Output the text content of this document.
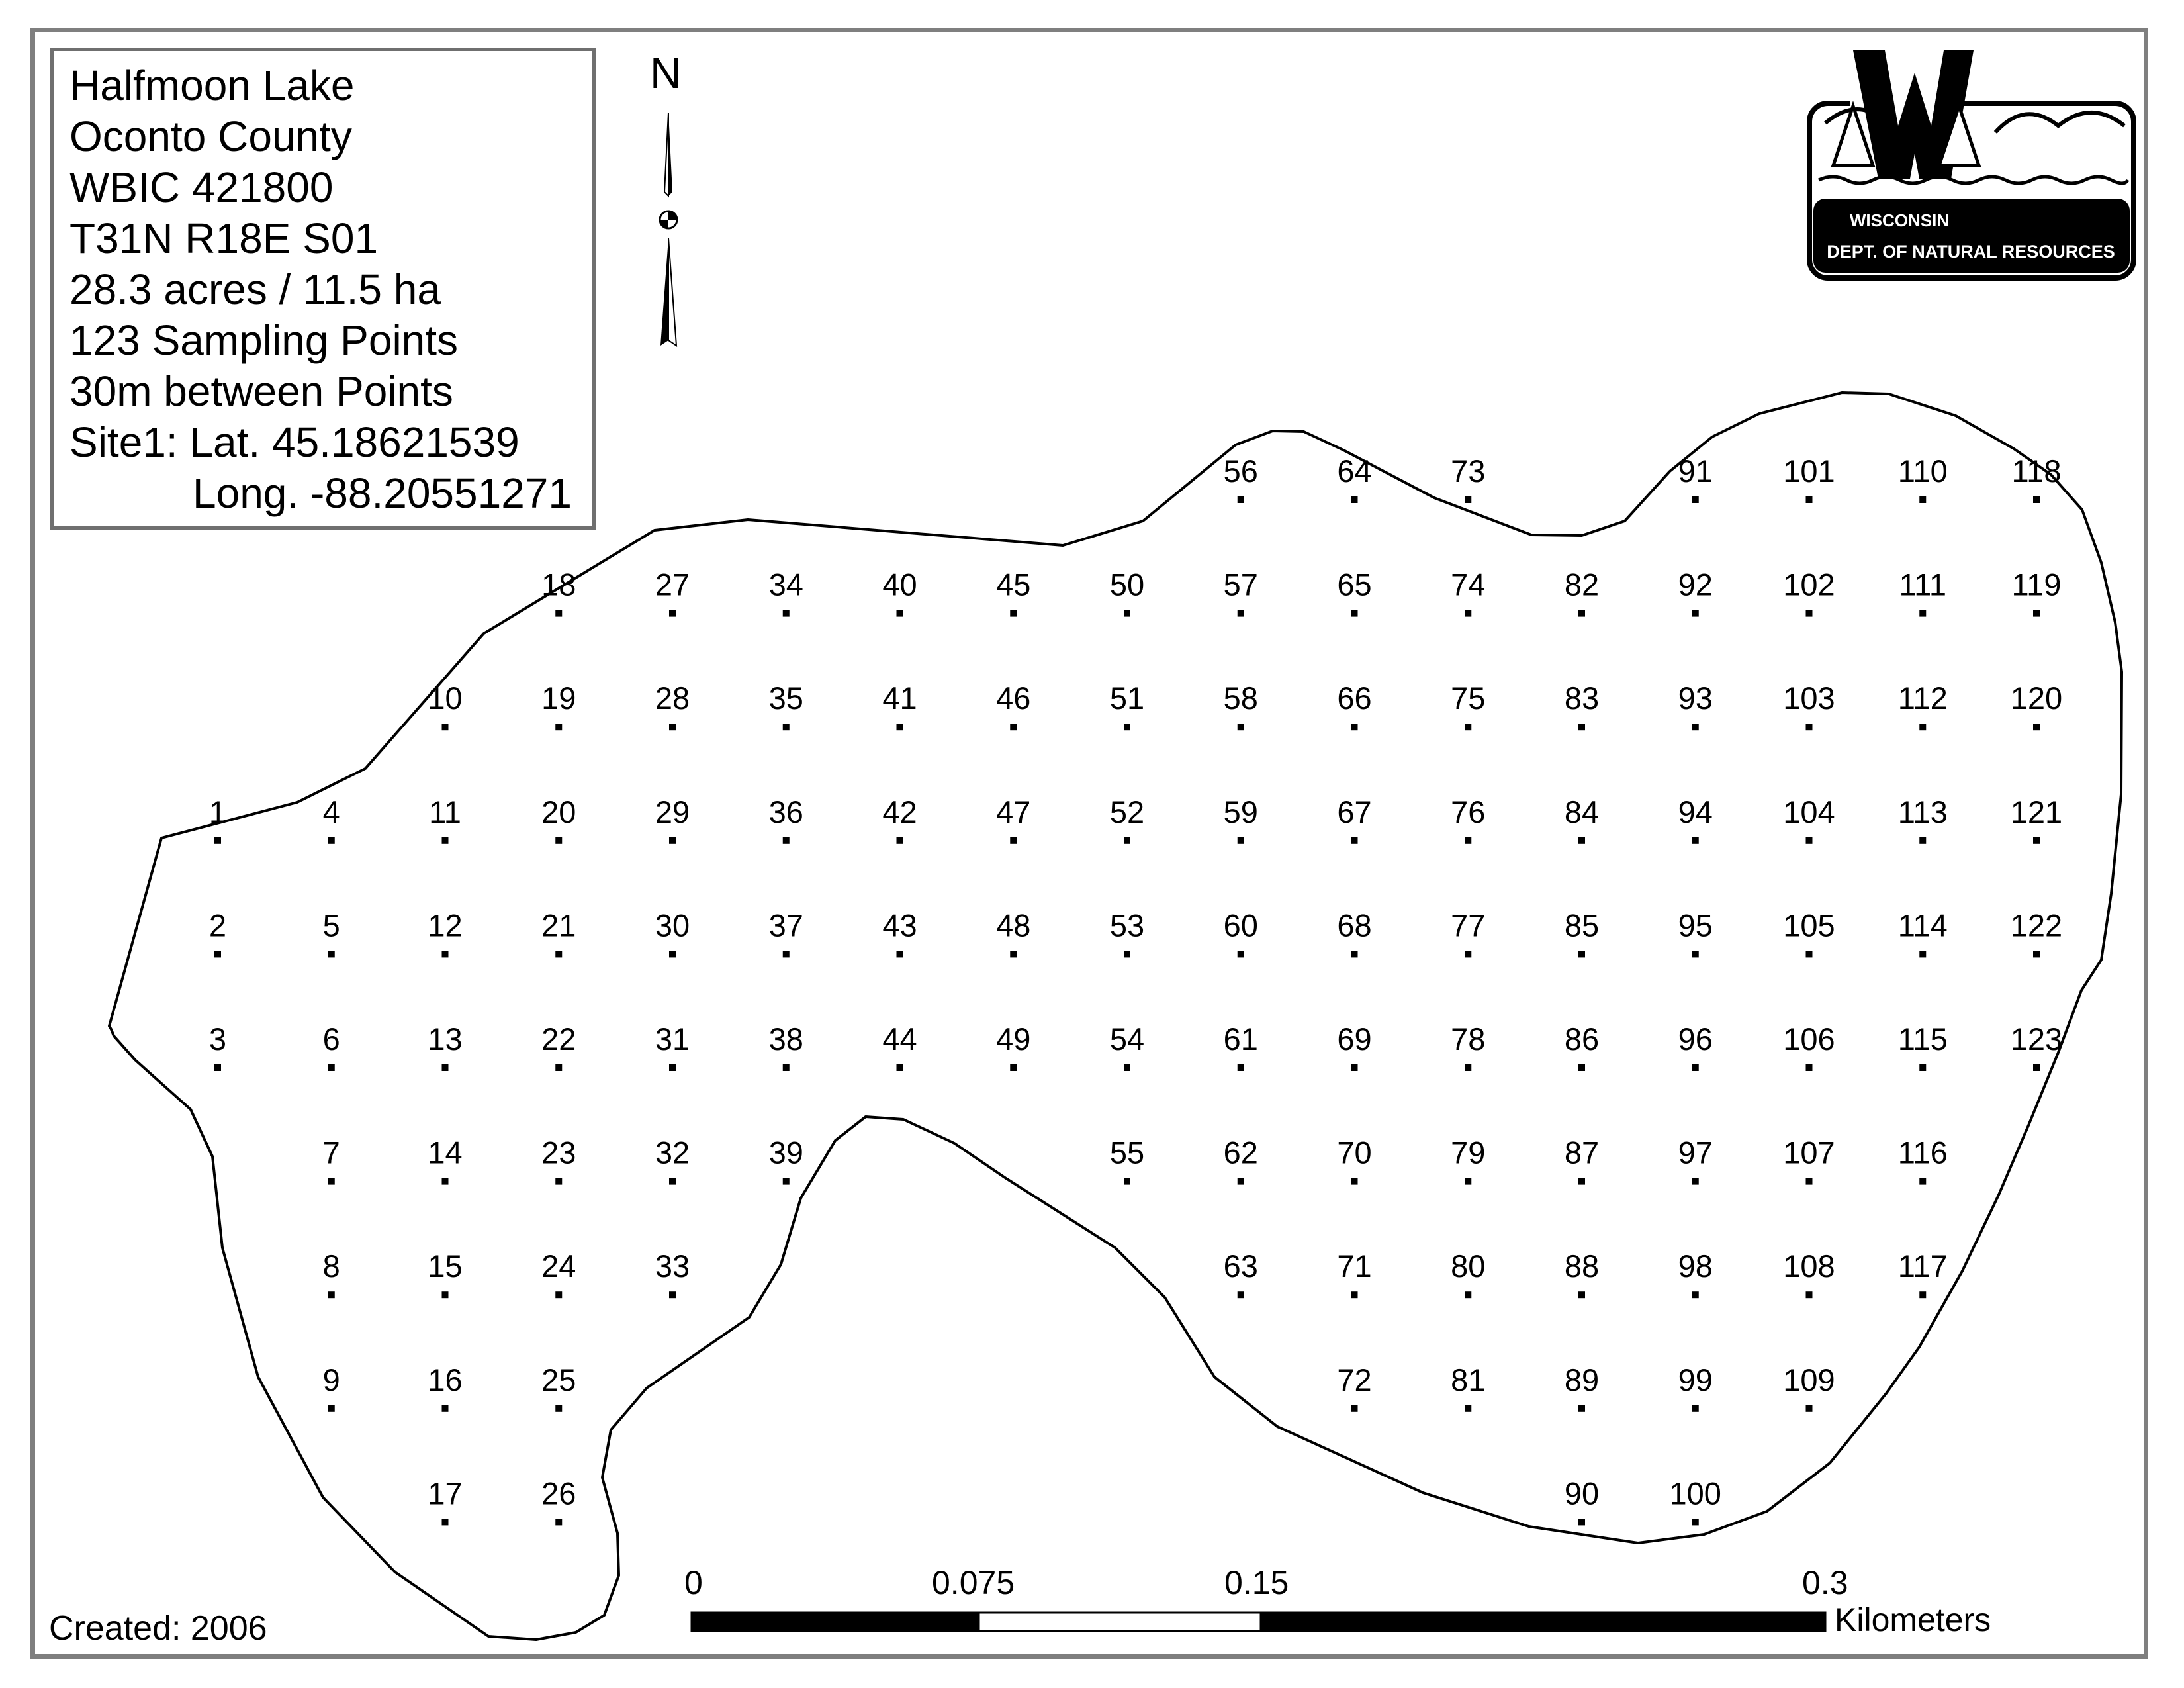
1
2
3
4
5
6
7
8
9
10
11
12
13
14
15
16
17
18
19
20
21
22
23
24
25
26
27
28
29
30
31
32
33
34
35
36
37
38
39
40
41
42
43
44
45
46
47
48
49
50
51
52
53
54
55
56
57
58
59
60
61
62
63
64
65
66
67
68
69
70
71
72
73
74
75
76
77
78
79
80
81
82
83
84
85
86
87
88
89
90
91
92
93
94
95
96
97
98
99
100
101
102
103
104
105
106
107
108
109
110
111
112
113
114
115
116
117
118
119
120
121
122
123
WISCONSIN
DEPT. OF NATURAL RESOURCES
Halfmoon Lake
Oconto County
WBIC 421800
T31N R18E S01
28.3 acres / 11.5 ha
123 Sampling Points
30m between Points
Site1: Lat. 45.18621539
Long. -88.20551271
N
0	0.075	0.15	0.3
Kilometers
Created: 2006
